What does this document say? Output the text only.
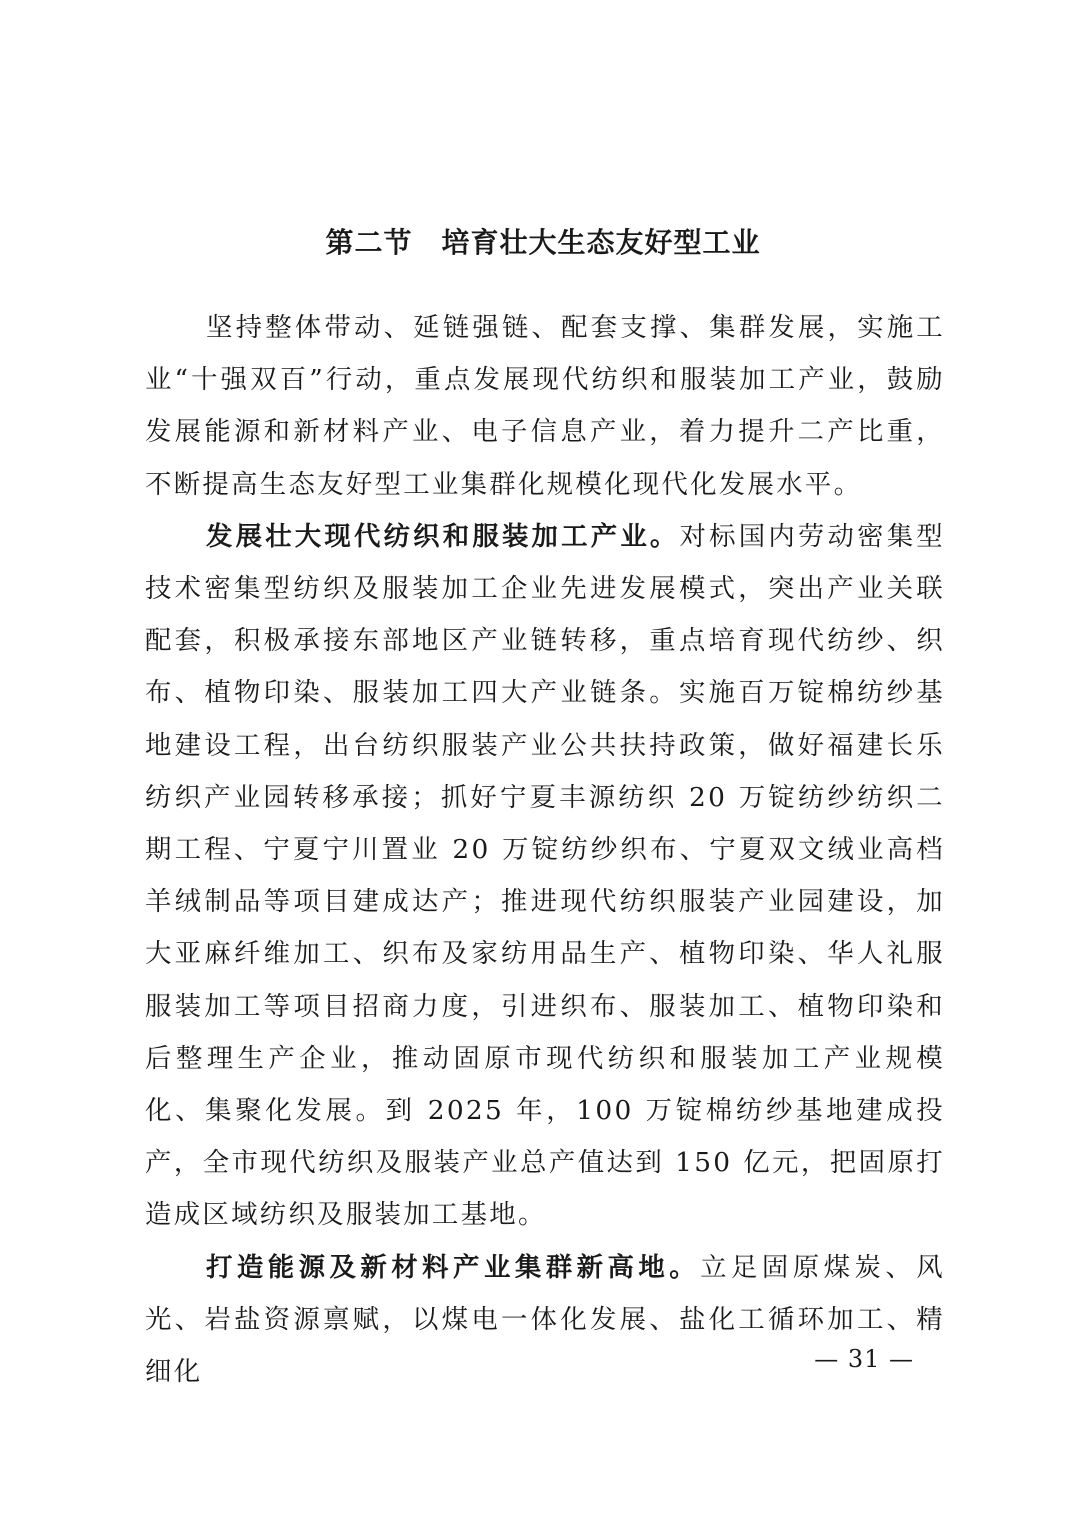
第二节　培育壮大生态友好型工业

坚持整体带动、延链强链、配套支撑、集群发展，实施工业“十强双百”行动，重点发展现代纺织和服装加工产业，鼓励发展能源和新材料产业、电子信息产业，着力提升二产比重，不断提高生态友好型工业集群化规模化现代化发展水平。

发展壮大现代纺织和服装加工产业。对标国内劳动密集型技术密集型纺织及服装加工企业先进发展模式，突出产业关联配套，积极承接东部地区产业链转移，重点培育现代纺纱、织布、植物印染、服装加工四大产业链条。实施百万锭棉纺纱基地建设工程，出台纺织服装产业公共扶持政策，做好福建长乐纺织产业园转移承接；抓好宁夏丰源纺织 20 万锭纺纱纺织二期工程、宁夏宁川置业 20 万锭纺纱织布、宁夏双文绒业高档羊绒制品等项目建成达产；推进现代纺织服装产业园建设，加大亚麻纤维加工、织布及家纺用品生产、植物印染、华人礼服服装加工等项目招商力度，引进织布、服装加工、植物印染和后整理生产企业，推动固原市现代纺织和服装加工产业规模化、集聚化发展。到 2025 年，100 万锭棉纺纱基地建成投产，全市现代纺织及服装产业总产值达到 150 亿元，把固原打造成区域纺织及服装加工基地。

打造能源及新材料产业集群新高地。立足固原煤炭、风光、岩盐资源禀赋，以煤电一体化发展、盐化工循环加工、精细化	— 31 —
